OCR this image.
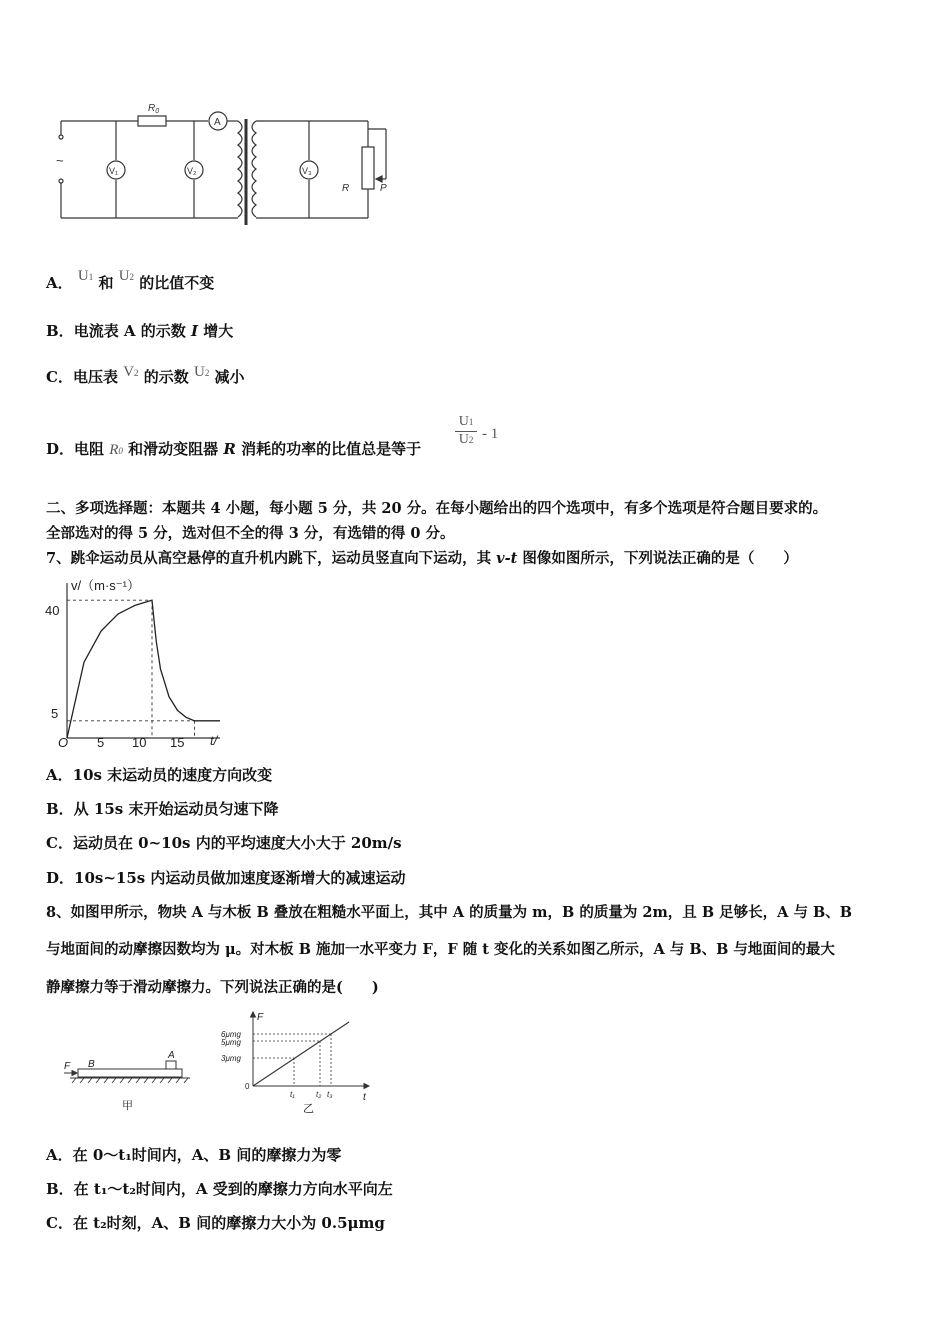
~
$R_0$
A
V₁	V₂	V₃
R	P
A． U1 和 U2 的比值不变
B．电流表 A 的示数 I 增大
C．电压表 V2 的示数 U2 减小
D．电阻 R0 和滑动变阻器 R 消耗的功率的比值总是等于
U1
U2 - 1
二、多项选择题：本题共 4 小题，每小题 5 分，共 20 分。在每小题给出的四个选项中，有多个选项是符合题目要求的。
全部选对的得 5 分，选对但不全的得 3 分，有选错的得 0 分。
7、跳伞运动员从高空悬停的直升机内跳下，运动员竖直向下运动，其 v-t 图像如图所示，下列说法正确的是（　　）
v/（m·s⁻¹）
t/
O
40
5
5 10 15
A．10s 末运动员的速度方向改变
B．从 15s 末开始运动员匀速下降
C．运动员在 0~10s 内的平均速度大小大于 20m/s
D．10s~15s 内运动员做加速度逐渐增大的减速运动
8、如图甲所示，物块 A 与木板 B 叠放在粗糙水平面上，其中 A 的质量为 m，B 的质量为 2m，且 B 足够长，A 与 B、B
与地面间的动摩擦因数均为 μ。对木板 B 施加一水平变力 F，F 随 t 变化的关系如图乙所示，A 与 B、B 与地面间的最大
静摩擦力等于滑动摩擦力。下列说法正确的是(　　)
F B
A
甲
F
t
0
6μmg
5μmg
3μmg
t₁	t₂ t₃
乙
A．在 0～t₁时间内，A、B 间的摩擦力为零
B．在 t₁～t₂时间内，A 受到的摩擦力方向水平向左
C．在 t₂时刻，A、B 间的摩擦力大小为 0.5μmg
